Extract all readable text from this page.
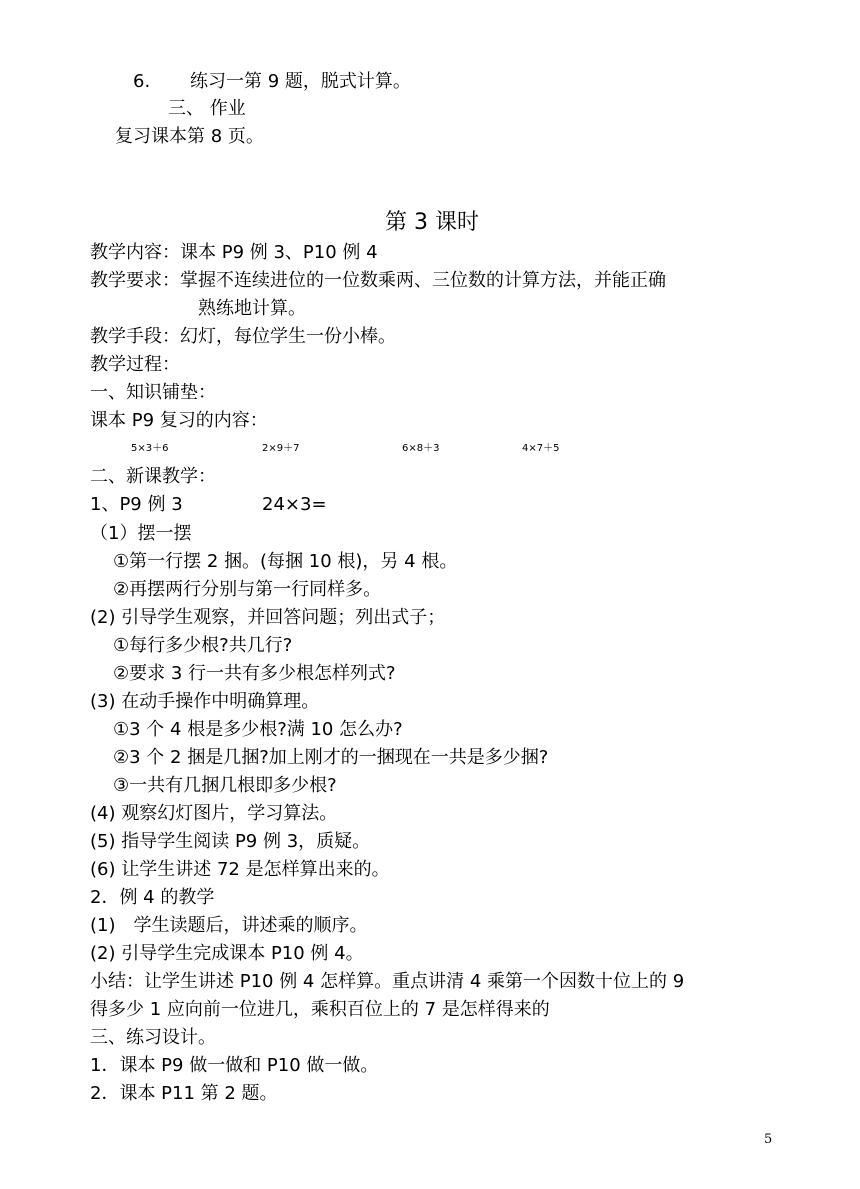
6. 练习一第 9 题，脱式计算。
三、 作业
复习课本第 8 页。
第 3 课时
教学内容：课本 P9 例 3、P10 例 4
教学要求：掌握不连续进位的一位数乘两、三位数的计算方法，并能正确
熟练地计算。
教学手段：幻灯，每位学生一份小棒。
教学过程：
一、知识铺垫：
课本 P9 复习的内容：
5×3＋6	2×9＋7	6×8＋3	4×7＋5
二、新课教学：
1、P9 例 3	24×3=
（1）摆一摆
①第一行摆 2 捆。(每捆 10 根)，另 4 根。
②再摆两行分别与第一行同样多。
(2) 引导学生观察，并回答问题；列出式子；
①每行多少根?共几行?
②要求 3 行一共有多少根怎样列式?
(3) 在动手操作中明确算理。
①3 个 4 根是多少根?满 10 怎么办?
②3 个 2 捆是几捆?加上刚才的一捆现在一共是多少捆?
③一共有几捆几根即多少根?
(4) 观察幻灯图片，学习算法。
(5) 指导学生阅读 P9 例 3，质疑。
(6) 让学生讲述 72 是怎样算出来的。
2．例 4 的教学
(1)　学生读题后，讲述乘的顺序。
(2) 引导学生完成课本 P10 例 4。
小结：让学生讲述 P10 例 4 怎样算。重点讲清 4 乘第一个因数十位上的 9
得多少 1 应向前一位进几，乘积百位上的 7 是怎样得来的
三、练习设计。
1．课本 P9 做一做和 P10 做一做。
2．课本 P11 第 2 题。
5
